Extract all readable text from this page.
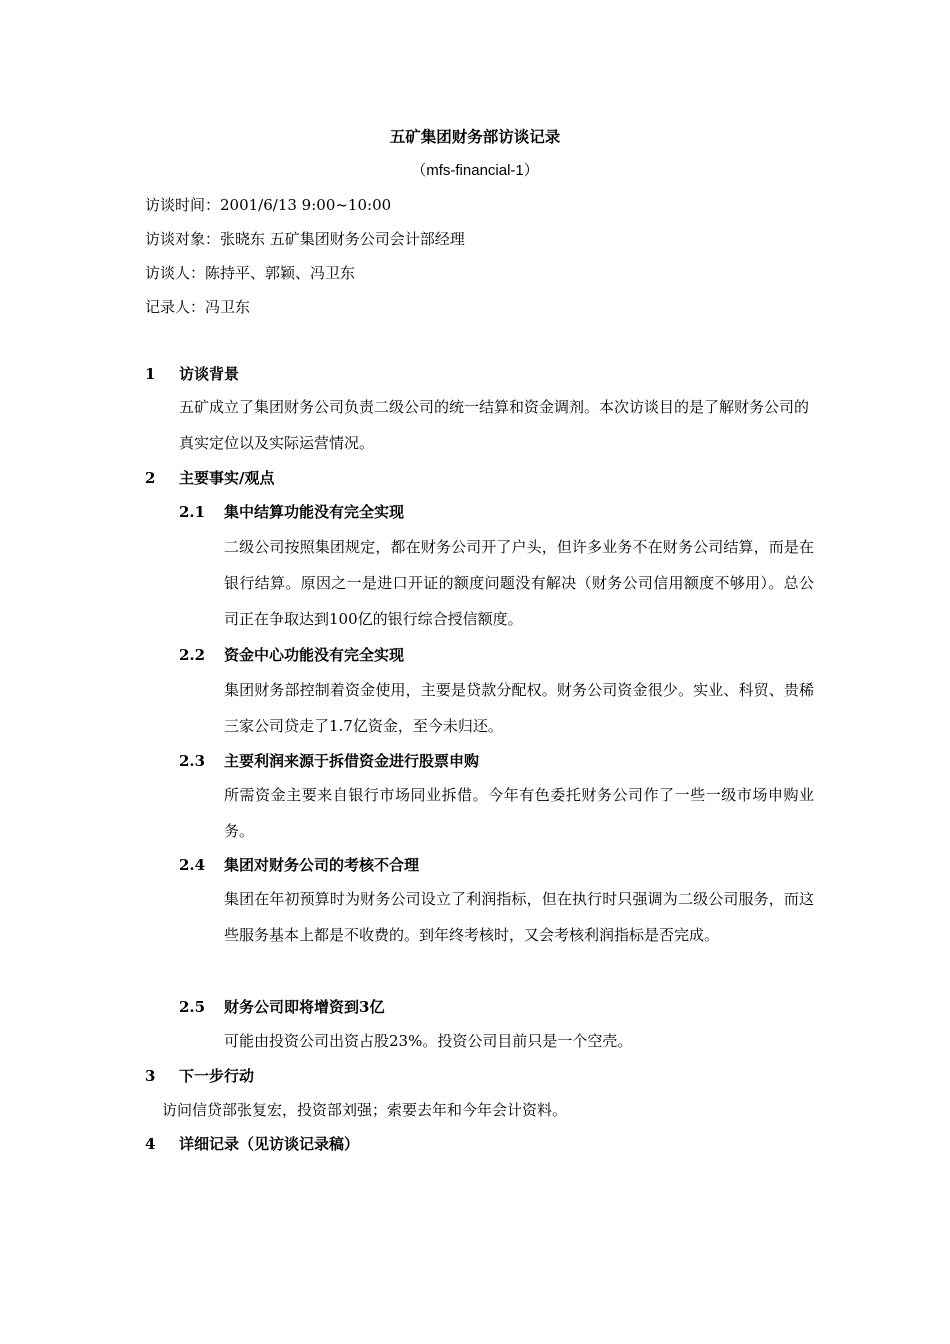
五矿集团财务部访谈记录
（mfs-financial-1）
访谈时间：2001/6/13 9:00~10:00
访谈对象：张晓东 五矿集团财务公司会计部经理
访谈人：陈持平、郭颖、冯卫东
记录人：冯卫东
1 访谈背景
五矿成立了集团财务公司负责二级公司的统一结算和资金调剂。本次访谈目的是了解财务公司的真实定位以及实际运营情况。
2 主要事实/观点
2.1 集中结算功能没有完全实现
二级公司按照集团规定，都在财务公司开了户头，但许多业务不在财务公司结算，而是在银行结算。原因之一是进口开证的额度问题没有解决（财务公司信用额度不够用）。总公司正在争取达到100亿的银行综合授信额度。
2.2 资金中心功能没有完全实现
集团财务部控制着资金使用，主要是贷款分配权。财务公司资金很少。实业、科贸、贵稀三家公司贷走了1.7亿资金，至今未归还。
2.3 主要利润来源于拆借资金进行股票申购
所需资金主要来自银行市场同业拆借。今年有色委托财务公司作了一些一级市场申购业务。
2.4 集团对财务公司的考核不合理
集团在年初预算时为财务公司设立了利润指标，但在执行时只强调为二级公司服务，而这些服务基本上都是不收费的。到年终考核时，又会考核利润指标是否完成。
2.5 财务公司即将增资到3亿
可能由投资公司出资占股23%。投资公司目前只是一个空壳。
3 下一步行动
访问信贷部张复宏，投资部刘强；索要去年和今年会计资料。
4 详细记录（见访谈记录稿）
